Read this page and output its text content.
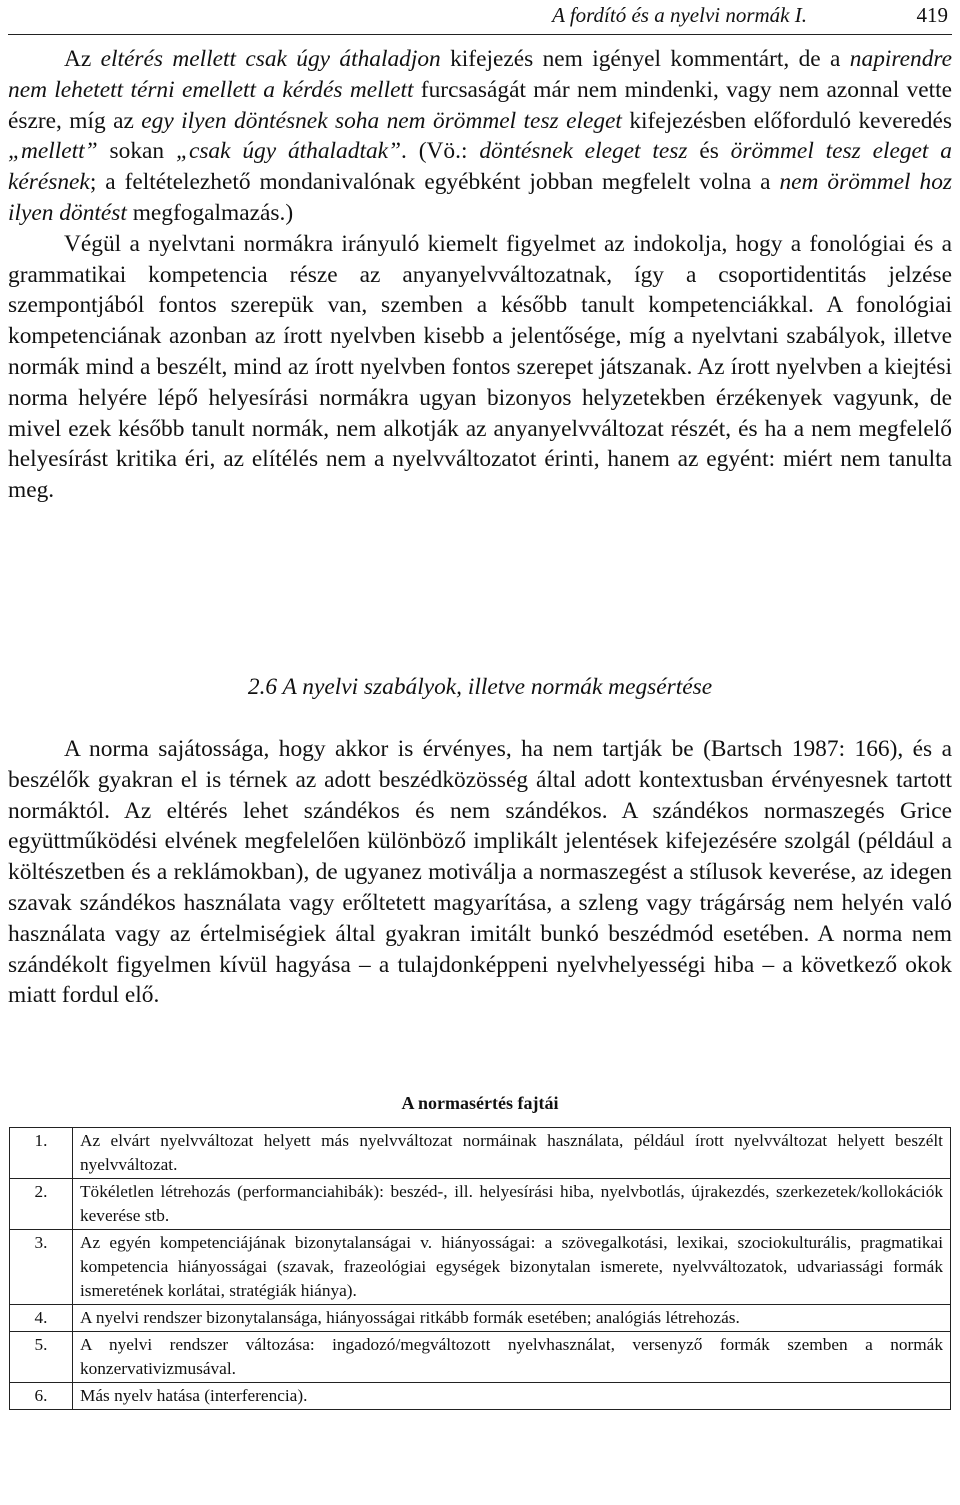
A fordító és a nyelvi normák I.	419

Az eltérés mellett csak úgy áthaladjon kifejezés nem igényel kommentárt, de a napirendre nem lehetett térni emellett a kérdés mellett furcsaságát már nem mindenki, vagy nem azonnal vette észre, míg az egy ilyen döntésnek soha nem örömmel tesz eleget kifejezésben előforduló keveredés „mellett” sokan „csak úgy áthaladtak”. (Vö.: döntésnek eleget tesz és örömmel tesz eleget a kérésnek; a feltételezhető mondanivalónak egyébként jobban megfelelt volna a nem örömmel hoz ilyen döntést megfogalmazás.)

Végül a nyelvtani normákra irányuló kiemelt figyelmet az indokolja, hogy a fonológiai és a grammatikai kompetencia része az anyanyelvváltozatnak, így a csoportidentitás jelzése szempontjából fontos szerepük van, szemben a később tanult kompetenciákkal. A fonológiai kompetenciának azonban az írott nyelvben kisebb a jelentősége, míg a nyelvtani szabályok, illetve normák mind a beszélt, mind az írott nyelvben fontos szerepet játszanak. Az írott nyelvben a kiejtési norma helyére lépő helyesírási normákra ugyan bizonyos helyzetekben érzékenyek vagyunk, de mivel ezek később tanult normák, nem alkotják az anyanyelvváltozat részét, és ha a nem megfelelő helyesírást kritika éri, az elítélés nem a nyelvváltozatot érinti, hanem az egyént: miért nem tanulta meg.

2.6 A nyelvi szabályok, illetve normák megsértése

A norma sajátossága, hogy akkor is érvényes, ha nem tartják be (Bartsch 1987: 166), és a beszélők gyakran el is térnek az adott beszédközösség által adott kontextusban érvényesnek tartott normáktól. Az eltérés lehet szándékos és nem szándékos. A szándékos normaszegés Grice együttműködési elvének megfelelően különböző implikált jelentések kifejezésére szolgál (például a költészetben és a reklámokban), de ugyanez motiválja a normaszegést a stílusok keverése, az idegen szavak szándékos használata vagy erőltetett magyarítása, a szleng vagy trágárság nem helyén való használata vagy az értelmiségiek által gyakran imitált bunkó beszédmód esetében. A norma nem szándékolt figyelmen kívül hagyása – a tulajdonképpeni nyelvhelyességi hiba – a következő okok miatt fordul elő.

A normasértés fajtái
1.	Az elvárt nyelvváltozat helyett más nyelvváltozat normáinak használata, például írott nyelvváltozat helyett beszélt nyelvváltozat.
2.	Tökéletlen létrehozás (performanciahibák): beszéd-, ill. helyesírási hiba, nyelvbotlás, újrakezdés, szerkezetek/kollokációk keverése stb.
3.	Az egyén kompetenciájának bizonytalanságai v. hiányosságai: a szövegalkotási, lexikai, szociokulturális, pragmatikai kompetencia hiányosságai (szavak, frazeológiai egységek bizonytalan ismerete, nyelvváltozatok, udvariassági formák ismeretének korlátai, stratégiák hiánya).
4.	A nyelvi rendszer bizonytalansága, hiányosságai ritkább formák esetében; analógiás létrehozás.
5.	A nyelvi rendszer változása: ingadozó/megváltozott nyelvhasználat, versenyző formák szemben a normák konzervativizmusával.
6.	Más nyelv hatása (interferencia).
